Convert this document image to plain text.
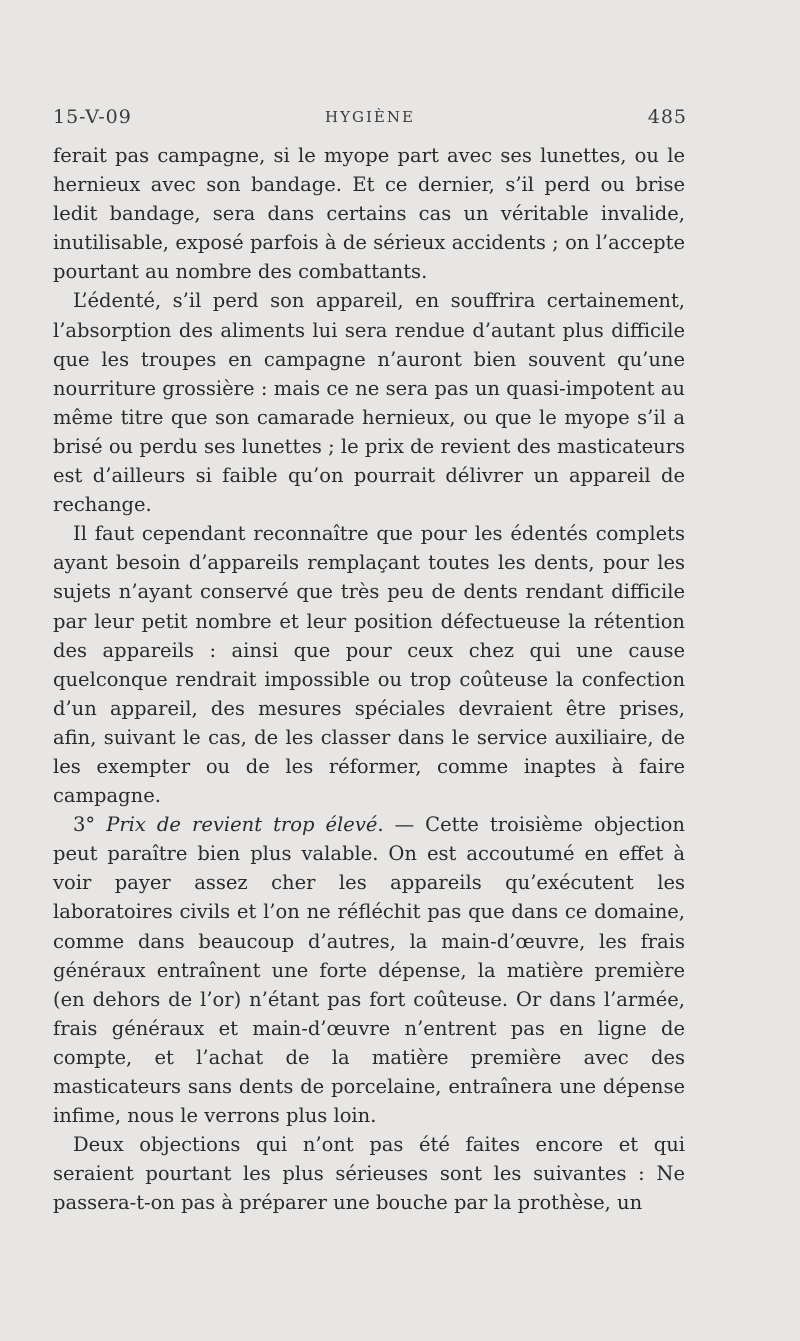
15-V-09	HYGIÈNE	485

ferait pas campagne, si le myope part avec ses lunettes, ou le hernieux avec son bandage. Et ce dernier, s’il perd ou brise ledit bandage, sera dans certains cas un véritable invalide, inutilisable, exposé parfois à de sérieux accidents ; on l’accepte pourtant au nombre des combattants.

L’édenté, s’il perd son appareil, en souffrira certainement, l’absorption des aliments lui sera rendue d’autant plus difficile que les troupes en campagne n’auront bien souvent qu’une nourriture grossière : mais ce ne sera pas un quasi-impotent au même titre que son camarade hernieux, ou que le myope s’il a brisé ou perdu ses lunettes ; le prix de revient des masticateurs est d’ailleurs si faible qu’on pourrait délivrer un appareil de rechange.

Il faut cependant reconnaître que pour les édentés complets ayant besoin d’appareils remplaçant toutes les dents, pour les sujets n’ayant conservé que très peu de dents rendant difficile par leur petit nombre et leur position défectueuse la rétention des appareils : ainsi que pour ceux chez qui une cause quelconque rendrait impossible ou trop coûteuse la confection d’un appareil, des mesures spéciales devraient être prises, afin, suivant le cas, de les classer dans le service auxiliaire, de les exempter ou de les réformer, comme inaptes à faire campagne.

3° Prix de revient trop élevé. — Cette troisième objection peut paraître bien plus valable. On est accoutumé en effet à voir payer assez cher les appareils qu’exécutent les laboratoires civils et l’on ne réfléchit pas que dans ce domaine, comme dans beaucoup d’autres, la main-d’œuvre, les frais généraux entraînent une forte dépense, la matière première (en dehors de l’or) n’étant pas fort coûteuse. Or dans l’armée, frais généraux et main-d’œuvre n’entrent pas en ligne de compte, et l’achat de la matière première avec des masticateurs sans dents de porcelaine, entraînera une dépense infime, nous le verrons plus loin.

Deux objections qui n’ont pas été faites encore et qui seraient pourtant les plus sérieuses sont les suivantes : Ne passera-t-on pas à préparer une bouche par la prothèse, un
